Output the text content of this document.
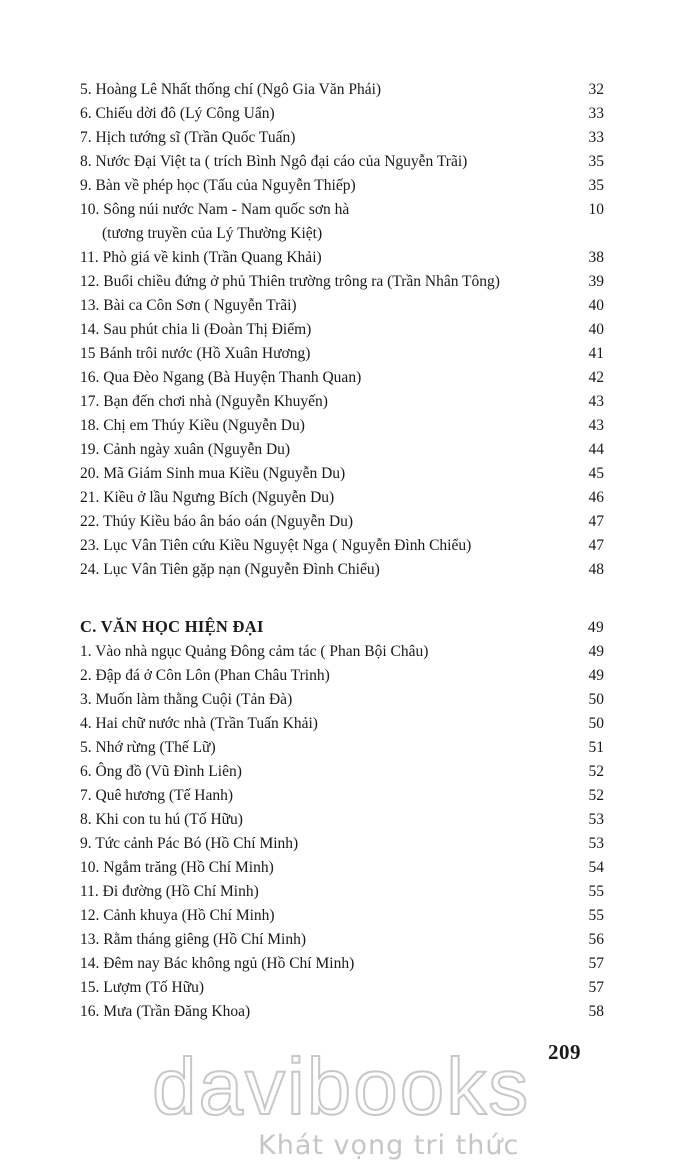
5. Hoàng Lê Nhất thống chí (Ngô Gia Văn Phái)	32
6. Chiếu dời đô (Lý Công Uẩn)	33
7. Hịch tướng sĩ (Trần Quốc Tuấn)	33
8. Nước Đại Việt ta ( trích Bình Ngô đại cáo của Nguyễn Trãi)	35
9. Bàn về phép học (Tấu của Nguyễn Thiếp)	35
10. Sông núi nước Nam - Nam quốc sơn hà	10
(tương truyền của Lý Thường Kiệt)
11. Phò giá về kinh (Trần Quang Khải)	38
12. Buổi chiều đứng ở phủ Thiên trường trông ra (Trần Nhân Tông)	39
13. Bài ca Côn Sơn ( Nguyễn Trãi)	40
14. Sau phút chia li (Đoàn Thị Điểm)	40
15 Bánh trôi nước (Hồ Xuân Hương)	41
16. Qua Đèo Ngang (Bà Huyện Thanh Quan)	42
17. Bạn đến chơi nhà (Nguyễn Khuyến)	43
18. Chị em Thúy Kiều (Nguyễn Du)	43
19. Cảnh ngày xuân (Nguyễn Du)	44
20. Mã Giám Sinh mua Kiều (Nguyễn Du)	45
21. Kiều ở lầu Ngưng Bích (Nguyễn Du)	46
22. Thúy Kiều báo ân báo oán (Nguyễn Du)	47
23. Lục Vân Tiên cứu Kiều Nguyệt Nga ( Nguyễn Đình Chiểu)	47
24. Lục Vân Tiên gặp nạn (Nguyễn Đình Chiểu)	48
C. VĂN HỌC HIỆN ĐẠI	49
1. Vào nhà ngục Quảng Đông cảm tác ( Phan Bội Châu)	49
2. Đập đá ở Côn Lôn (Phan Châu Trinh)	49
3. Muốn làm thằng Cuội (Tản Đà)	50
4. Hai chữ nước nhà (Trần Tuấn Khải)	50
5. Nhớ rừng (Thế Lữ)	51
6. Ông đồ (Vũ Đình Liên)	52
7. Quê hương (Tế Hanh)	52
8. Khi con tu hú (Tố Hữu)	53
9. Tức cảnh Pác Bó (Hồ Chí Minh)	53
10. Ngắm trăng (Hồ Chí Minh)	54
11. Đi đường (Hồ Chí Minh)	55
12. Cảnh khuya (Hồ Chí Minh)	55
13. Rằm tháng giêng (Hồ Chí Minh)	56
14. Đêm nay Bác không ngủ (Hồ Chí Minh)	57
15. Lượm (Tố Hữu)	57
16. Mưa (Trần Đăng Khoa)	58
209
davibooks
Khát vọng tri thức
